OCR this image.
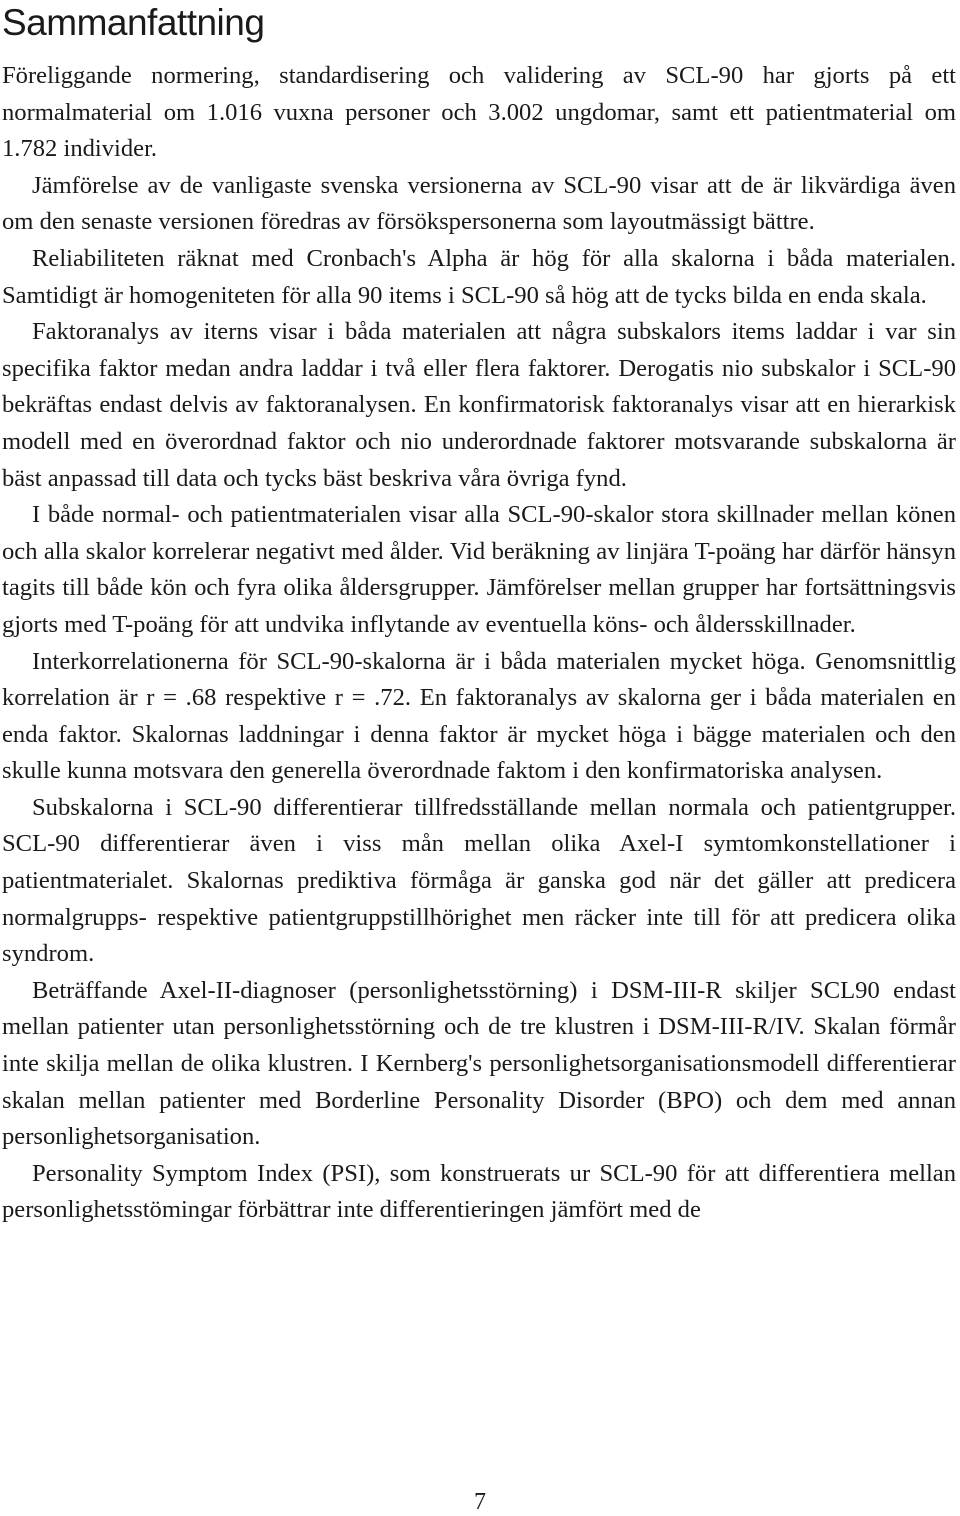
Sammanfattning

Föreliggande normering, standardisering och validering av SCL-90 har gjorts på ett normalmaterial om 1.016 vuxna personer och 3.002 ungdomar, samt ett patientmaterial om 1.782 individer.

Jämförelse av de vanligaste svenska versionerna av SCL-90 visar att de är likvärdiga även om den senaste versionen föredras av försökspersonerna som layoutmässigt bättre.

Reliabiliteten räknat med Cronbach's Alpha är hög för alla skalorna i båda materialen. Samtidigt är homogeniteten för alla 90 items i SCL-90 så hög att de tycks bilda en enda skala.

Faktoranalys av iterns visar i båda materialen att några subskalors items laddar i var sin specifika faktor medan andra laddar i två eller flera faktorer. Derogatis nio subskalor i SCL-90 bekräftas endast delvis av faktoranalysen. En konfirmatorisk faktoranalys visar att en hierarkisk modell med en överordnad faktor och nio underordnade faktorer motsvarande subskalorna är bäst anpassad till data och tycks bäst beskriva våra övriga fynd.

I både normal- och patientmaterialen visar alla SCL-90-skalor stora skillnader mellan könen och alla skalor korrelerar negativt med ålder. Vid beräkning av linjära T-poäng har därför hänsyn tagits till både kön och fyra olika åldersgrupper. Jämförelser mellan grupper har fortsättningsvis gjorts med T-poäng för att undvika inflytande av eventuella köns- och åldersskillnader.

Interkorrelationerna för SCL-90-skalorna är i båda materialen mycket höga. Genomsnittlig korrelation är r = .68 respektive r = .72. En faktoranalys av skalorna ger i båda materialen en enda faktor. Skalornas laddningar i denna faktor är mycket höga i bägge materialen och den skulle kunna motsvara den generella överordnade faktom i den konfirmatoriska analysen.

Subskalorna i SCL-90 differentierar tillfredsställande mellan normala och patientgrupper. SCL-90 differentierar även i viss mån mellan olika Axel-I symtomkonstellationer i patientmaterialet. Skalornas prediktiva förmåga är ganska god när det gäller att predicera normalgrupps- respektive patientgruppstillhörighet men räcker inte till för att predicera olika syndrom.

Beträffande Axel-II-diagnoser (personlighetsstörning) i DSM-III-R skiljer SCL90 endast mellan patienter utan personlighetsstörning och de tre klustren i DSM-III-R/IV. Skalan förmår inte skilja mellan de olika klustren. I Kernberg's personlighetsorganisationsmodell differentierar skalan mellan patienter med Borderline Personality Disorder (BPO) och dem med annan personlighetsorganisation.

Personality Symptom Index (PSI), som konstruerats ur SCL-90 för att differentiera mellan personlighetsstömingar förbättrar inte differentieringen jämfört med de

7
